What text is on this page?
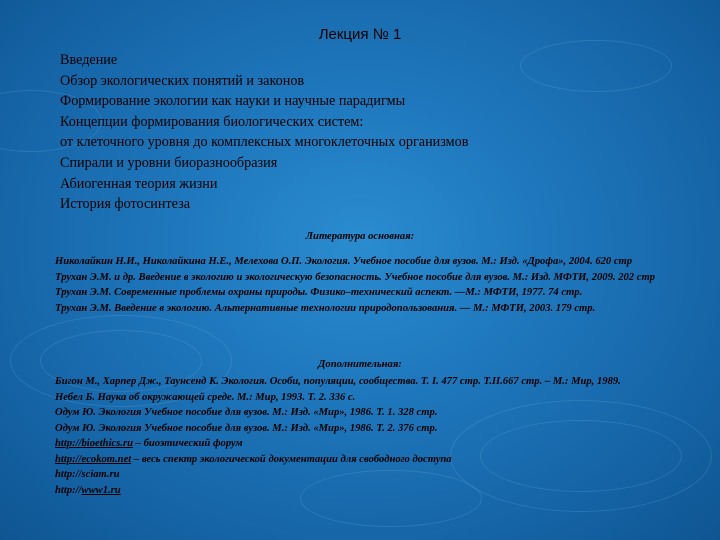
Лекция № 1
Введение
Обзор экологических понятий и законов
Формирование экологии как науки и научные парадигмы
Концепции формирования биологических систем:
от клеточного уровня до комплексных многоклеточных организмов
Спирали и уровни биоразнообразия
Абиогенная теория жизни
История фотосинтеза
Литература основная:
Николайкин Н.И., Николайкина Н.Е., Мелехова О.П. Экология. Учебное пособие для вузов. М.: Изд. «Дрофа», 2004. 620 стр
Трухан Э.М. и др. Введение в экологию и экологическую безопасность. Учебное пособие для вузов. М.: Изд. МФТИ, 2009. 202 стр
Трухан Э.М. Современные проблемы охраны природы. Физико–технический аспект. —М.: МФТИ, 1977. 74 стр.
Трухан Э.М. Введение в экологию. Альтернативные технологии природопользования. — М.: МФТИ, 2003. 179 стр.
Дополнительная:
Бигон М., Харпер Дж., Таунсенд К. Экология. Особи, популяции, сообщества. Т. I. 477 стр. Т.II.667 стр. – М.: Мир, 1989.
Небел Б. Наука об окружающей среде. М.: Мир, 1993. Т. 2. 336 с.
Одум Ю. Экология Учебное пособие для вузов. М.: Изд. «Мир», 1986. Т. 1. 328 стр.
Одум Ю. Экология Учебное пособие для вузов. М.: Изд. «Мир», 1986. Т. 2. 376 стр.
http://bioethics.ru – биоэтический форум
http://ecokom.net – весь спектр экологической документации для свободного доступа
http://sciam.ru
http://www1.ru
